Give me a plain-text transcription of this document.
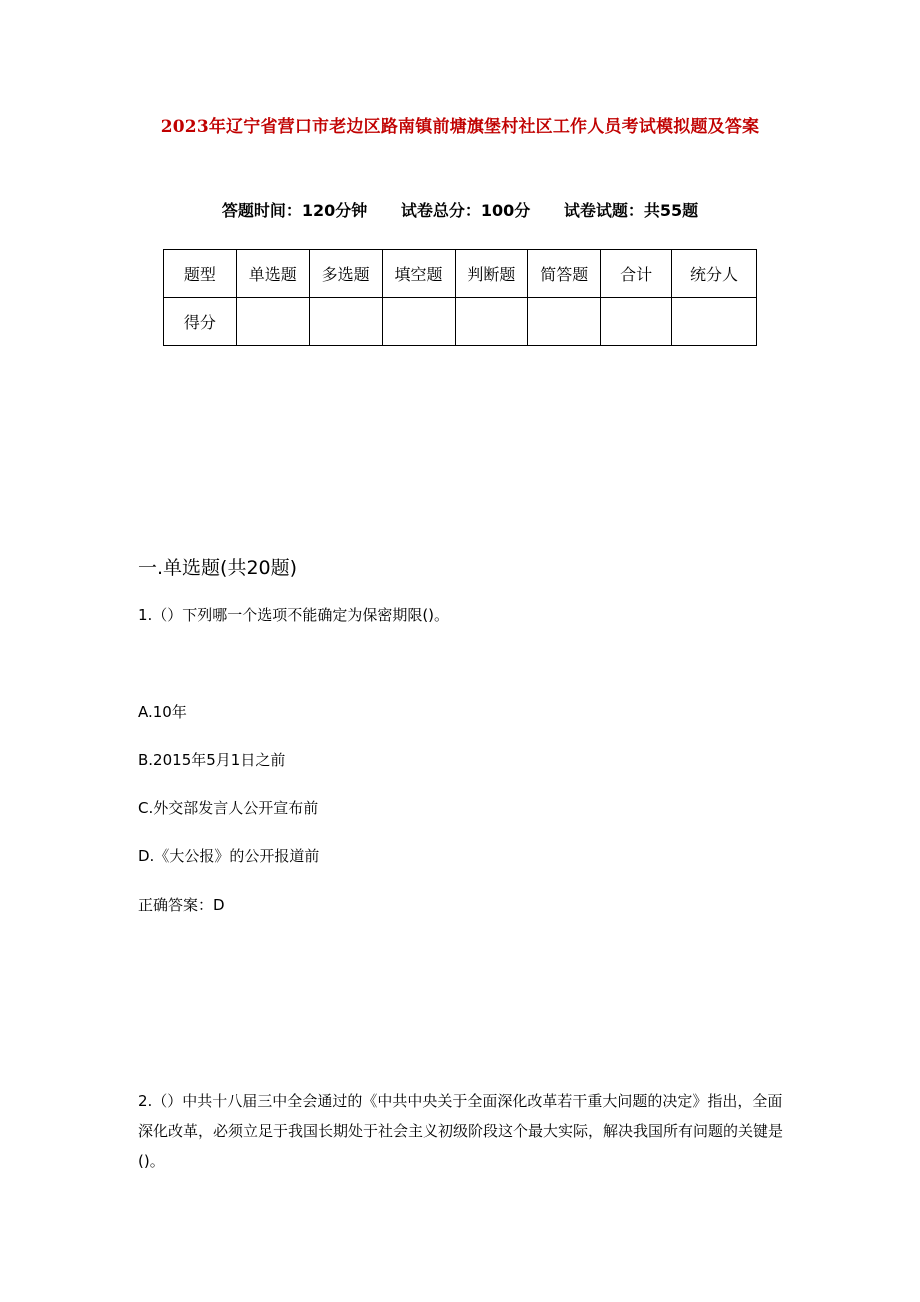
2023年辽宁省营口市老边区路南镇前塘旗堡村社区工作人员考试模拟题及答案
答题时间：120分钟 试卷总分：100分 试卷试题：共55题
题型	单选题	多选题	填空题	判断题	简答题	合计	统分人
得分							
一.单选题(共20题)
1.（）下列哪一个选项不能确定为保密期限()。
A.10年
B.2015年5月1日之前
C.外交部发言人公开宣布前
D.《大公报》的公开报道前
正确答案：D
2.（）中共十八届三中全会通过的《中共中央关于全面深化改革若干重大问题的决定》指出，全面深化改革，必须立足于我国长期处于社会主义初级阶段这个最大实际，解决我国所有问题的关键是()。
